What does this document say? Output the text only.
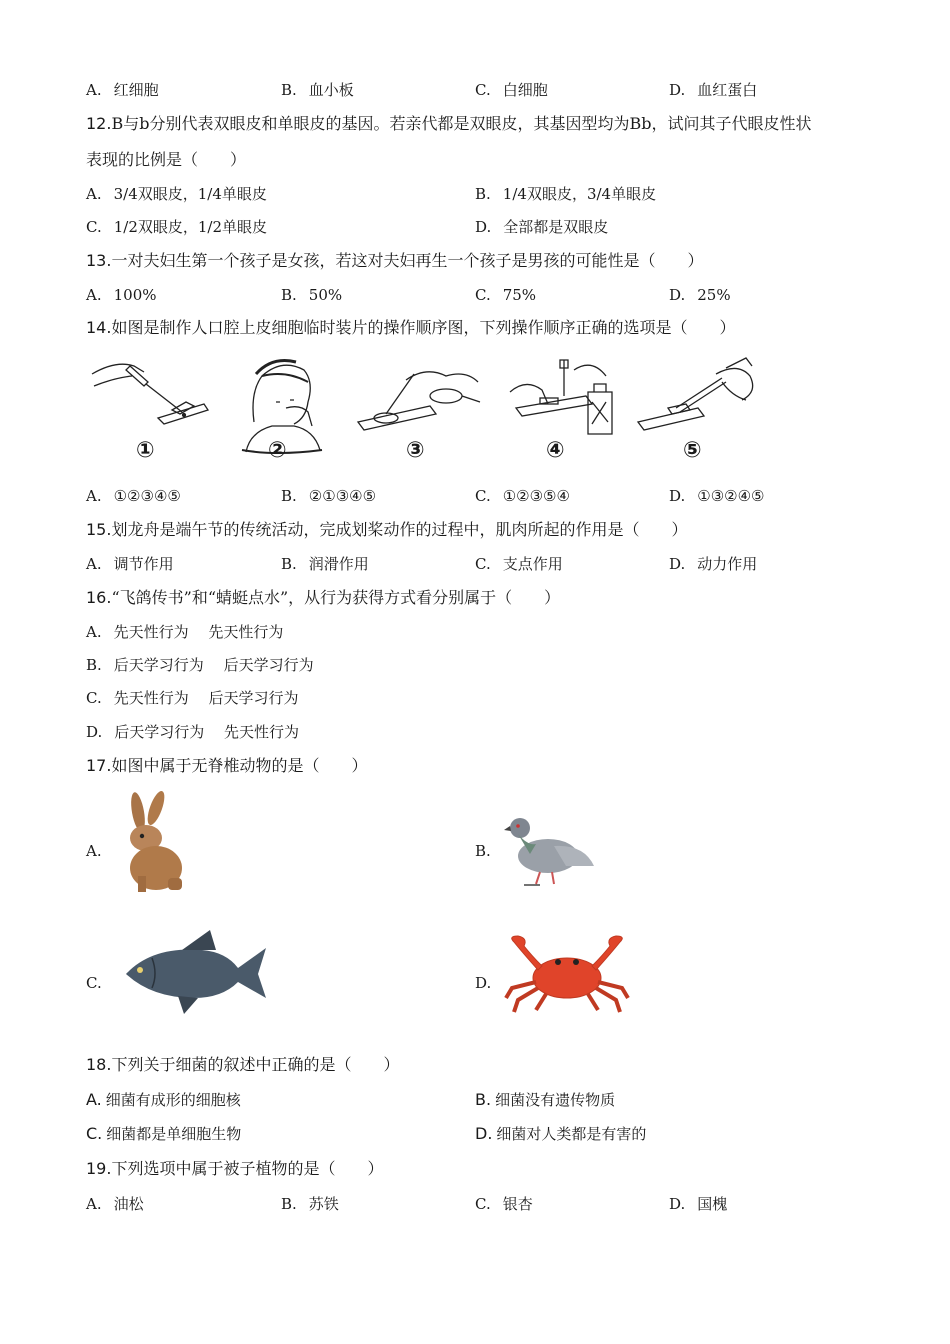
A. 红细胞	B. 血小板	C. 白细胞	D. 血红蛋白
12.B与b分别代表双眼皮和单眼皮的基因。若亲代都是双眼皮，其基因型均为Bb，试问其子代眼皮性状
表现的比例是（　　）
A. 3/4双眼皮，1/4单眼皮	B. 1/4双眼皮，3/4单眼皮
C. 1/2双眼皮，1/2单眼皮	D. 全部都是双眼皮
13.一对夫妇生第一个孩子是女孩，若这对夫妇再生一个孩子是男孩的可能性是（　　）
A. 100%	B. 50%	C. 75%	D. 25%
14.如图是制作人口腔上皮细胞临时装片的操作顺序图，下列操作顺序正确的选项是（　　）
①	②	③	④	⑤
A. ①②③④⑤	B. ②①③④⑤	C. ①②③⑤④	D. ①③②④⑤
15.划龙舟是端午节的传统活动，完成划桨动作的过程中，肌肉所起的作用是（　　）
A. 调节作用	B. 润滑作用	C. 支点作用	D. 动力作用
16.“飞鸽传书”和“蜻蜓点水”，从行为获得方式看分别属于（　　）
A. 先天性行为　 先天性行为
B. 后天学习行为　 后天学习行为
C. 先天性行为　 后天学习行为
D. 后天学习行为　 先天性行为
17.如图中属于无脊椎动物的是（　　）
A.	B.
C.	D.
18.下列关于细菌的叙述中正确的是（　　）
A. 细菌有成形的细胞核	B. 细菌没有遗传物质
C. 细菌都是单细胞生物	D. 细菌对人类都是有害的
19.下列选项中属于被子植物的是（　　）
A. 油松	B. 苏铁	C. 银杏	D. 国槐
